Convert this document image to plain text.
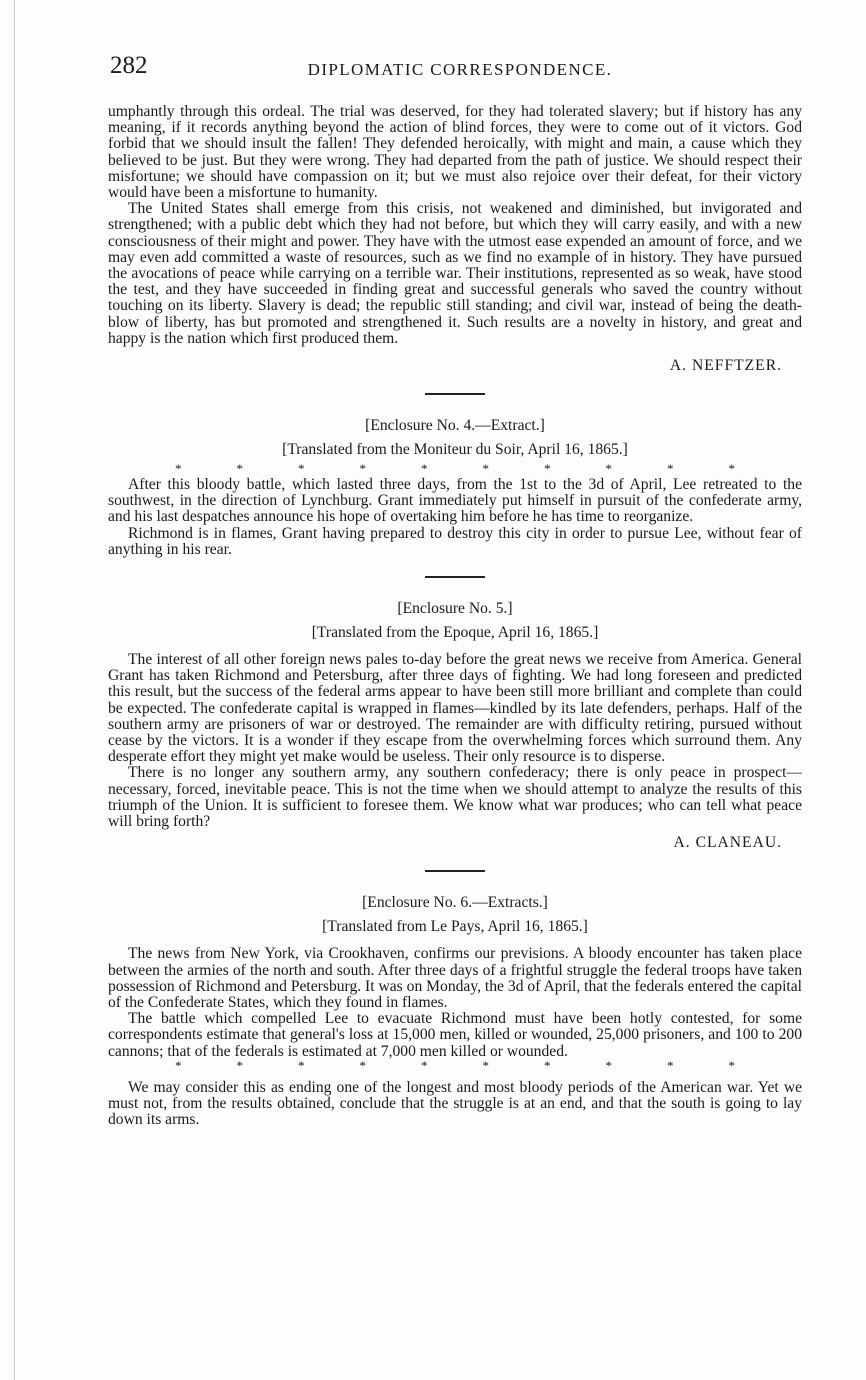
282	DIPLOMATIC CORRESPONDENCE.

umphantly through this ordeal. The trial was deserved, for they had tolerated slavery; but if history has any meaning, if it records anything beyond the action of blind forces, they were to come out of it victors. God forbid that we should insult the fallen! They defended heroically, with might and main, a cause which they believed to be just. But they were wrong. They had departed from the path of justice. We should respect their misfortune; we should have compassion on it; but we must also rejoice over their defeat, for their victory would have been a misfortune to humanity.

The United States shall emerge from this crisis, not weakened and diminished, but invigorated and strengthened; with a public debt which they had not before, but which they will carry easily, and with a new consciousness of their might and power. They have with the utmost ease expended an amount of force, and we may even add committed a waste of resources, such as we find no example of in history. They have pursued the avocations of peace while carrying on a terrible war. Their institutions, represented as so weak, have stood the test, and they have succeeded in finding great and successful generals who saved the country without touching on its liberty. Slavery is dead; the republic still standing; and civil war, instead of being the death-blow of liberty, has but promoted and strengthened it. Such results are a novelty in history, and great and happy is the nation which first produced them.

A. NEFFTZER.
[Enclosure No. 4.—Extract.]
[Translated from the Moniteur du Soir, April 16, 1865.]
*	*	*	*	*	*	*	*	*	*

After this bloody battle, which lasted three days, from the 1st to the 3d of April, Lee retreated to the southwest, in the direction of Lynchburg. Grant immediately put himself in pursuit of the confederate army, and his last despatches announce his hope of overtaking him before he has time to reorganize.

Richmond is in flames, Grant having prepared to destroy this city in order to pursue Lee, without fear of anything in his rear.

[Enclosure No. 5.]
[Translated from the Epoque, April 16, 1865.]

The interest of all other foreign news pales to-day before the great news we receive from America. General Grant has taken Richmond and Petersburg, after three days of fighting. We had long foreseen and predicted this result, but the success of the federal arms appear to have been still more brilliant and complete than could be expected. The confederate capital is wrapped in flames—kindled by its late defenders, perhaps. Half of the southern army are prisoners of war or destroyed. The remainder are with difficulty retiring, pursued without cease by the victors. It is a wonder if they escape from the overwhelming forces which surround them. Any desperate effort they might yet make would be useless. Their only resource is to disperse.

There is no longer any southern army, any southern confederacy; there is only peace in prospect—necessary, forced, inevitable peace. This is not the time when we should attempt to analyze the results of this triumph of the Union. It is sufficient to foresee them. We know what war produces; who can tell what peace will bring forth?

A. CLANEAU.
[Enclosure No. 6.—Extracts.]
[Translated from Le Pays, April 16, 1865.]

The news from New York, via Crookhaven, confirms our previsions. A bloody encounter has taken place between the armies of the north and south. After three days of a frightful struggle the federal troops have taken possession of Richmond and Petersburg. It was on Monday, the 3d of April, that the federals entered the capital of the Confederate States, which they found in flames.

The battle which compelled Lee to evacuate Richmond must have been hotly contested, for some correspondents estimate that general's loss at 15,000 men, killed or wounded, 25,000 prisoners, and 100 to 200 cannons; that of the federals is estimated at 7,000 men killed or wounded.

*	*	*	*	*	*	*	*	*	*

We may consider this as ending one of the longest and most bloody periods of the American war. Yet we must not, from the results obtained, conclude that the struggle is at an end, and that the south is going to lay down its arms.
